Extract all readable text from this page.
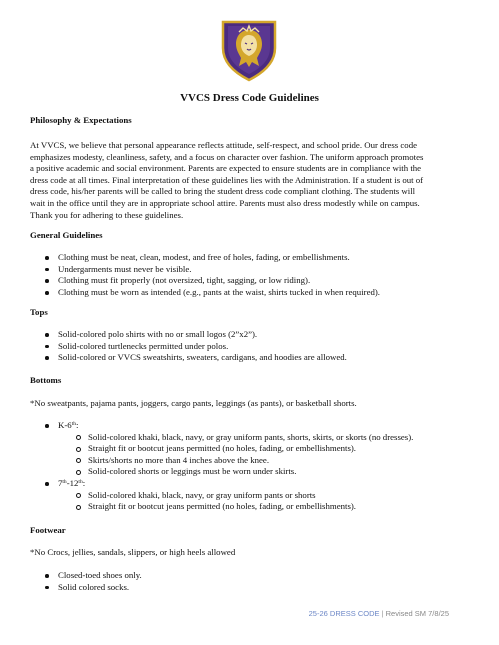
VVCS Dress Code Guidelines
Philosophy & Expectations
At VVCS, we believe that personal appearance reflects attitude, self-respect, and school pride. Our dress code
emphasizes modesty, cleanliness, safety, and a focus on character over fashion. The uniform approach promotes
a positive academic and social environment. Parents are expected to ensure students are in compliance with the
dress code at all times. Final interpretation of these guidelines lies with the Administration. If a student is out of
dress code, his/her parents will be called to bring the student dress code compliant clothing. The students will
wait in the office until they are in appropriate school attire. Parents must also dress modestly while on campus.
Thank you for adhering to these guidelines.
General Guidelines
Clothing must be neat, clean, modest, and free of holes, fading, or embellishments.
Undergarments must never be visible.
Clothing must fit properly (not oversized, tight, sagging, or low riding).
Clothing must be worn as intended (e.g., pants at the waist, shirts tucked in when required).
Tops
Solid-colored polo shirts with no or small logos (2”x2”).
Solid-colored turtlenecks permitted under polos.
Solid-colored or VVCS sweatshirts, sweaters, cardigans, and hoodies are allowed.
Bottoms
*No sweatpants, pajama pants, joggers, cargo pants, leggings (as pants), or basketball shorts.
K-6th:
Solid-colored khaki, black, navy, or gray uniform pants, shorts, skirts, or skorts (no dresses).
Straight fit or bootcut jeans permitted (no holes, fading, or embellishments).
Skirts/shorts no more than 4 inches above the knee.
Solid-colored shorts or leggings must be worn under skirts.
7th-12th:
Solid-colored khaki, black, navy, or gray uniform pants or shorts
Straight fit or bootcut jeans permitted (no holes, fading, or embellishments).
Footwear
*No Crocs, jellies, sandals, slippers, or high heels allowed
Closed-toed shoes only.
Solid colored socks.
25-26 DRESS CODE | Revised SM 7/8/25
